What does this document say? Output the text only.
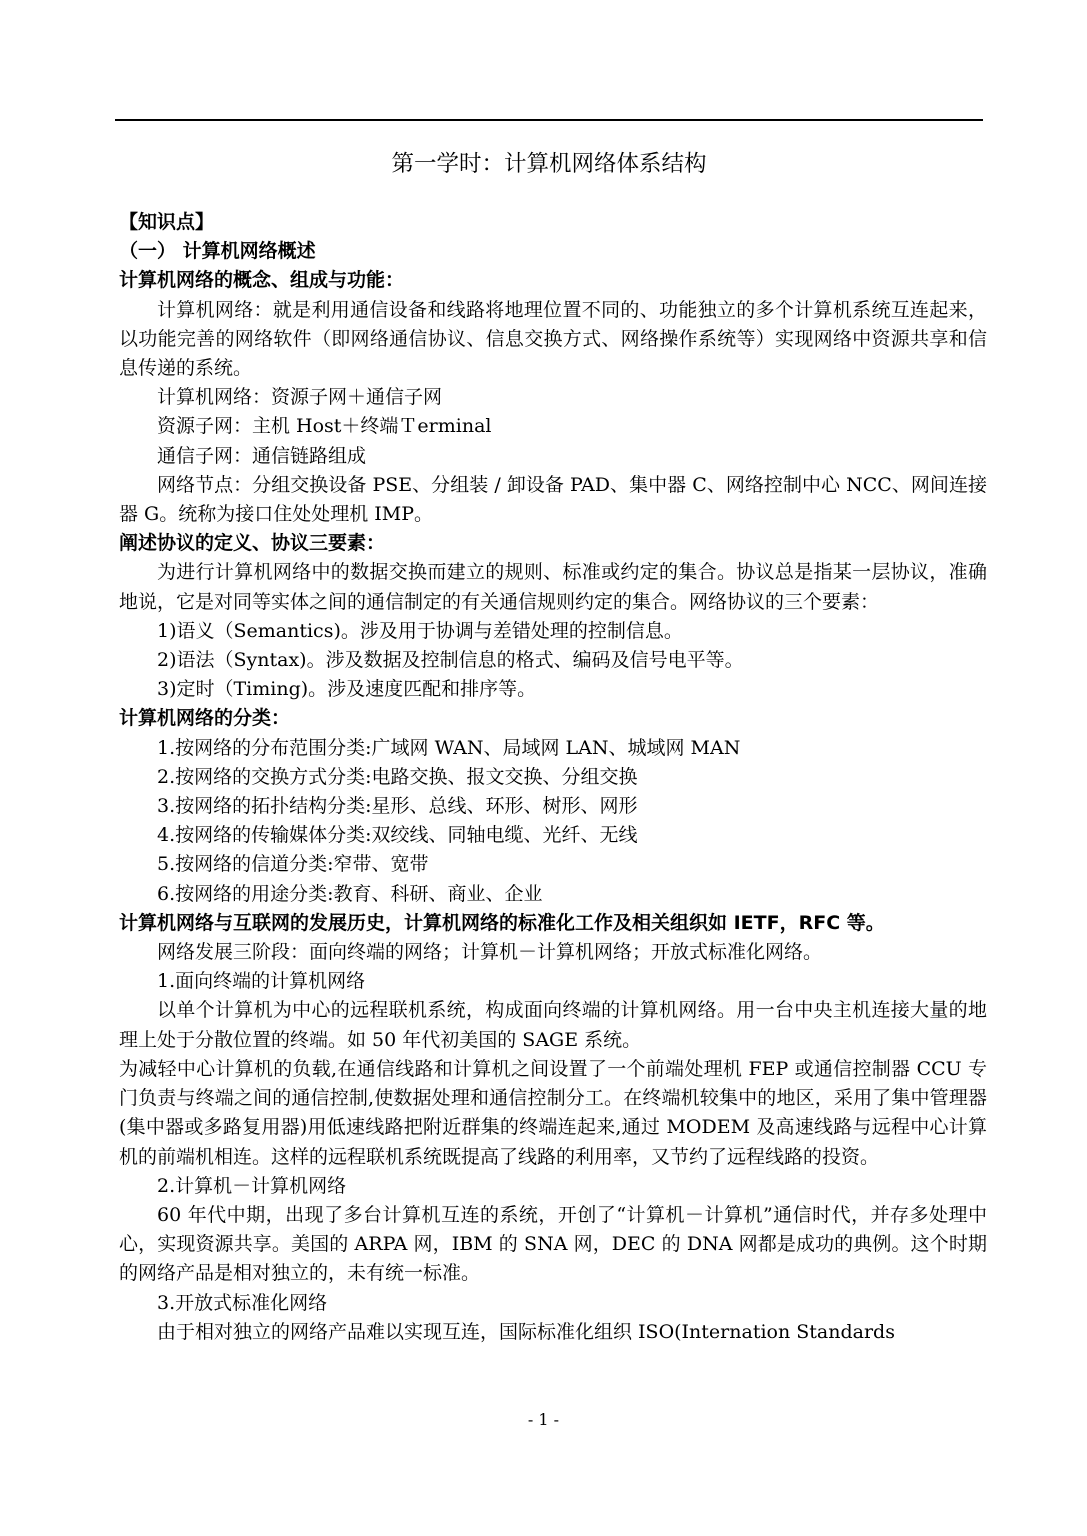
第一学时：计算机网络体系结构

【知识点】

（一） 计算机网络概述

计算机网络的概念、组成与功能：

计算机网络：就是利用通信设备和线路将地理位置不同的、功能独立的多个计算机系统互连起来，以功能完善的网络软件（即网络通信协议、信息交换方式、网络操作系统等）实现网络中资源共享和信息传递的系统。

计算机网络：资源子网＋通信子网

资源子网：主机 Host＋终端Ｔerminal

通信子网：通信链路组成

网络节点：分组交换设备 PSE、分组装 / 卸设备 PAD、集中器 C、网络控制中心 NCC、网间连接器 G。统称为接口住处处理机 IMP。

阐述协议的定义、协议三要素：

为进行计算机网络中的数据交换而建立的规则、标准或约定的集合。协议总是指某一层协议，准确地说，它是对同等实体之间的通信制定的有关通信规则约定的集合。网络协议的三个要素：

1)语义（Semantics)。涉及用于协调与差错处理的控制信息。

2)语法（Syntax)。涉及数据及控制信息的格式、编码及信号电平等。

3)定时（Timing)。涉及速度匹配和排序等。

计算机网络的分类：

1.按网络的分布范围分类:广域网 WAN、局域网 LAN、城域网 MAN

2.按网络的交换方式分类:电路交换、报文交换、分组交换

3.按网络的拓扑结构分类:星形、总线、环形、树形、网形

4.按网络的传输媒体分类:双绞线、同轴电缆、光纤、无线

5.按网络的信道分类:窄带、宽带

6.按网络的用途分类:教育、科研、商业、企业

计算机网络与互联网的发展历史，计算机网络的标准化工作及相关组织如 IETF，RFC 等。

网络发展三阶段：面向终端的网络；计算机－计算机网络；开放式标准化网络。

1.面向终端的计算机网络

以单个计算机为中心的远程联机系统，构成面向终端的计算机网络。用一台中央主机连接大量的地理上处于分散位置的终端。如 50 年代初美国的 SAGE 系统。

为减轻中心计算机的负载,在通信线路和计算机之间设置了一个前端处理机 FEP 或通信控制器 CCU 专门负责与终端之间的通信控制,使数据处理和通信控制分工。在终端机较集中的地区，采用了集中管理器(集中器或多路复用器)用低速线路把附近群集的终端连起来,通过 MODEM 及高速线路与远程中心计算机的前端机相连。这样的远程联机系统既提高了线路的利用率，又节约了远程线路的投资。

2.计算机－计算机网络

60 年代中期，出现了多台计算机互连的系统，开创了“计算机－计算机”通信时代，并存多处理中心，实现资源共享。美国的 ARPA 网，IBM 的 SNA 网，DEC 的 DNA 网都是成功的典例。这个时期的网络产品是相对独立的，未有统一标准。

3.开放式标准化网络

由于相对独立的网络产品难以实现互连，国际标准化组织 ISO(Internation Standards

- 1 -
